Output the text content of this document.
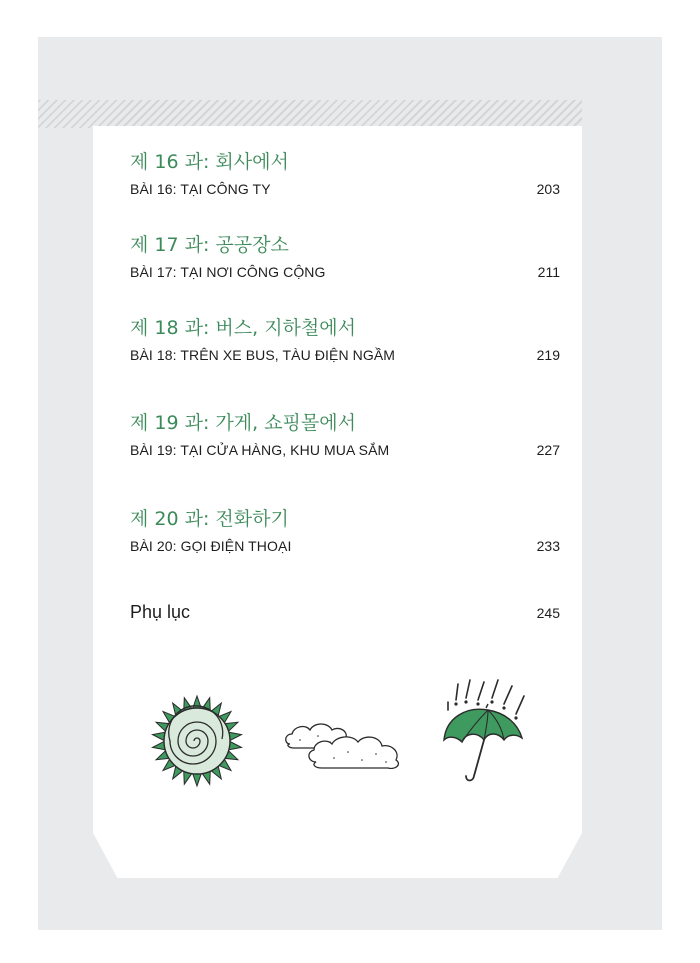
제 16 과: 회사에서
BÀI 16: TẠI CÔNG TY	203
제 17 과: 공공장소
BÀI 17: TẠI NƠI CÔNG CỘNG	211
제 18 과: 버스, 지하철에서
BÀI 18: TRÊN XE BUS, TÀU ĐIỆN NGẦM	219
제 19 과: 가게, 쇼핑몰에서
BÀI 19: TẠI CỬA HÀNG, KHU MUA SẮM	227
제 20 과: 전화하기
BÀI 20: GỌI ĐIỆN THOẠI	233
Phụ lục	245
